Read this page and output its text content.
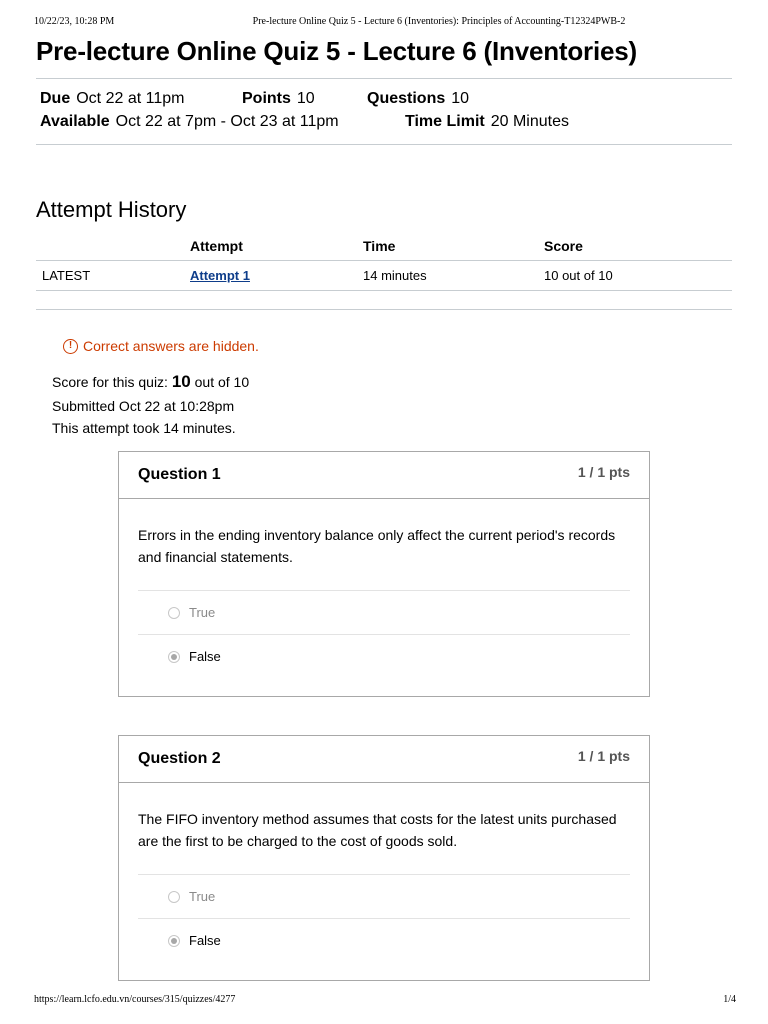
10/22/23, 10:28 PM	Pre-lecture Online Quiz 5 - Lecture 6 (Inventories): Principles of Accounting-T12324PWB-2
Pre-lecture Online Quiz 5 - Lecture 6 (Inventories)
Due Oct 22 at 11pm	Points 10	Questions 10
Available Oct 22 at 7pm - Oct 23 at 11pm	Time Limit 20 Minutes
Attempt History
	Attempt	Time	Score
LATEST	Attempt 1	14 minutes	10 out of 10
! Correct answers are hidden.
Score for this quiz: 10 out of 10
Submitted Oct 22 at 10:28pm
This attempt took 14 minutes.
Question 1	1 / 1 pts
Errors in the ending inventory balance only affect the current period's records and financial statements.
True
False
Question 2	1 / 1 pts
The FIFO inventory method assumes that costs for the latest units purchased are the first to be charged to the cost of goods sold.
True
False
https://learn.lcfo.edu.vn/courses/315/quizzes/4277	1/4
